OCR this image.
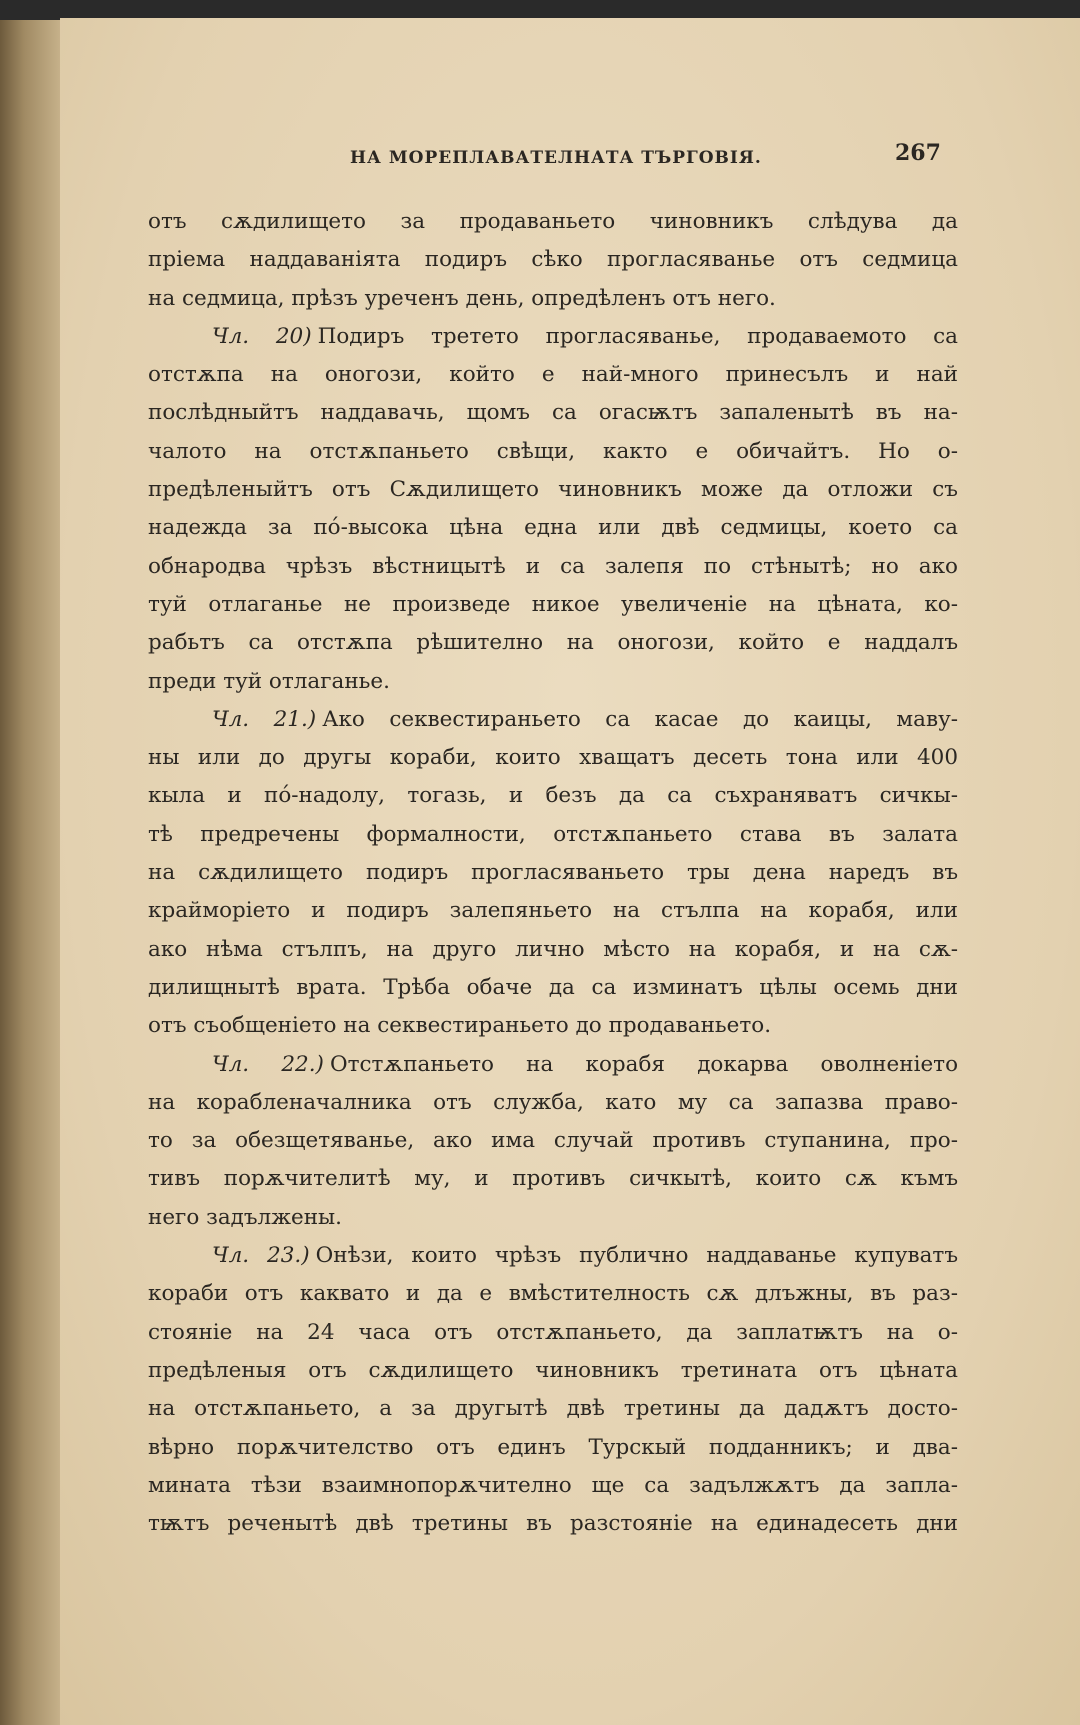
НА МОРЕПЛАВАТЕЛНАТА ТЪРГОВІЯ.	267
отъ сѫдилището за продаваньето чиновникъ слѣдува да
пріема наддаваніята подиръ сѣко прогласяванье отъ седмица
на седмица, прѣзъ уреченъ день, опредѣленъ отъ него.
Чл. 20) Подиръ третето прогласяванье, продаваемото са
отстѫпа на оногози, който е най-много принесълъ и най
послѣдныйтъ наддавачь, щомъ са огасѭтъ запаленытѣ въ на-
чалото на отстѫпаньето свѣщи, както е обичайтъ. Но о-
предѣленыйтъ отъ Сѫдилището чиновникъ може да отложи съ
надежда за по́-высока цѣна една или двѣ седмицы, което са
обнародва чрѣзъ вѣстницытѣ и са залепя по стѣнытѣ; но ако
туй отлаганье не произведе никое увеличеніе на цѣната, ко-
рабьтъ са отстѫпа рѣшително на оногози, който е наддалъ
преди туй отлаганье.
Чл. 21.) Ако секвестираньето са касае до каицы, маву-
ны или до другы кораби, които хващатъ десеть тона или 400
кыла и по́-надолу, тогазь, и безъ да са съхраняватъ сичкы-
тѣ предречены формалности, отстѫпаньето става въ залата
на сѫдилището подиръ прогласяваньето тры дена наредъ въ
крайморіето и подиръ залепяньето на стълпа на корабя, или
ако нѣма стълпъ, на друго лично мѣсто на корабя, и на сѫ-
дилищнытѣ врата. Трѣба обаче да са изминатъ цѣлы осемь дни
отъ съобщеніето на секвестираньето до продаваньето.
Чл. 22.) Отстѫпаньето на корабя докарва оволненіето
на корабленачалника отъ служба, като му са запазва право-
то за обезщетяванье, ако има случай противъ ступанина, про-
тивъ порѫчителитѣ му, и противъ сичкытѣ, които сѫ къмъ
него задължены.
Чл. 23.) Онѣзи, които чрѣзъ публично наддаванье купуватъ
кораби отъ каквато и да е вмѣстителность сѫ длъжны, въ раз-
стояніе на 24 часа отъ отстѫпаньето, да заплатѭтъ на о-
предѣленыя отъ сѫдилището чиновникъ третината отъ цѣната
на отстѫпаньето, а за другытѣ двѣ третины да дадѫтъ досто-
вѣрно порѫчителство отъ единъ Турскый подданникъ; и два-
мината тѣзи взаимнопорѫчително ще са задължѫтъ да запла-
тѭтъ реченытѣ двѣ третины въ разстояніе на единадесеть дни
